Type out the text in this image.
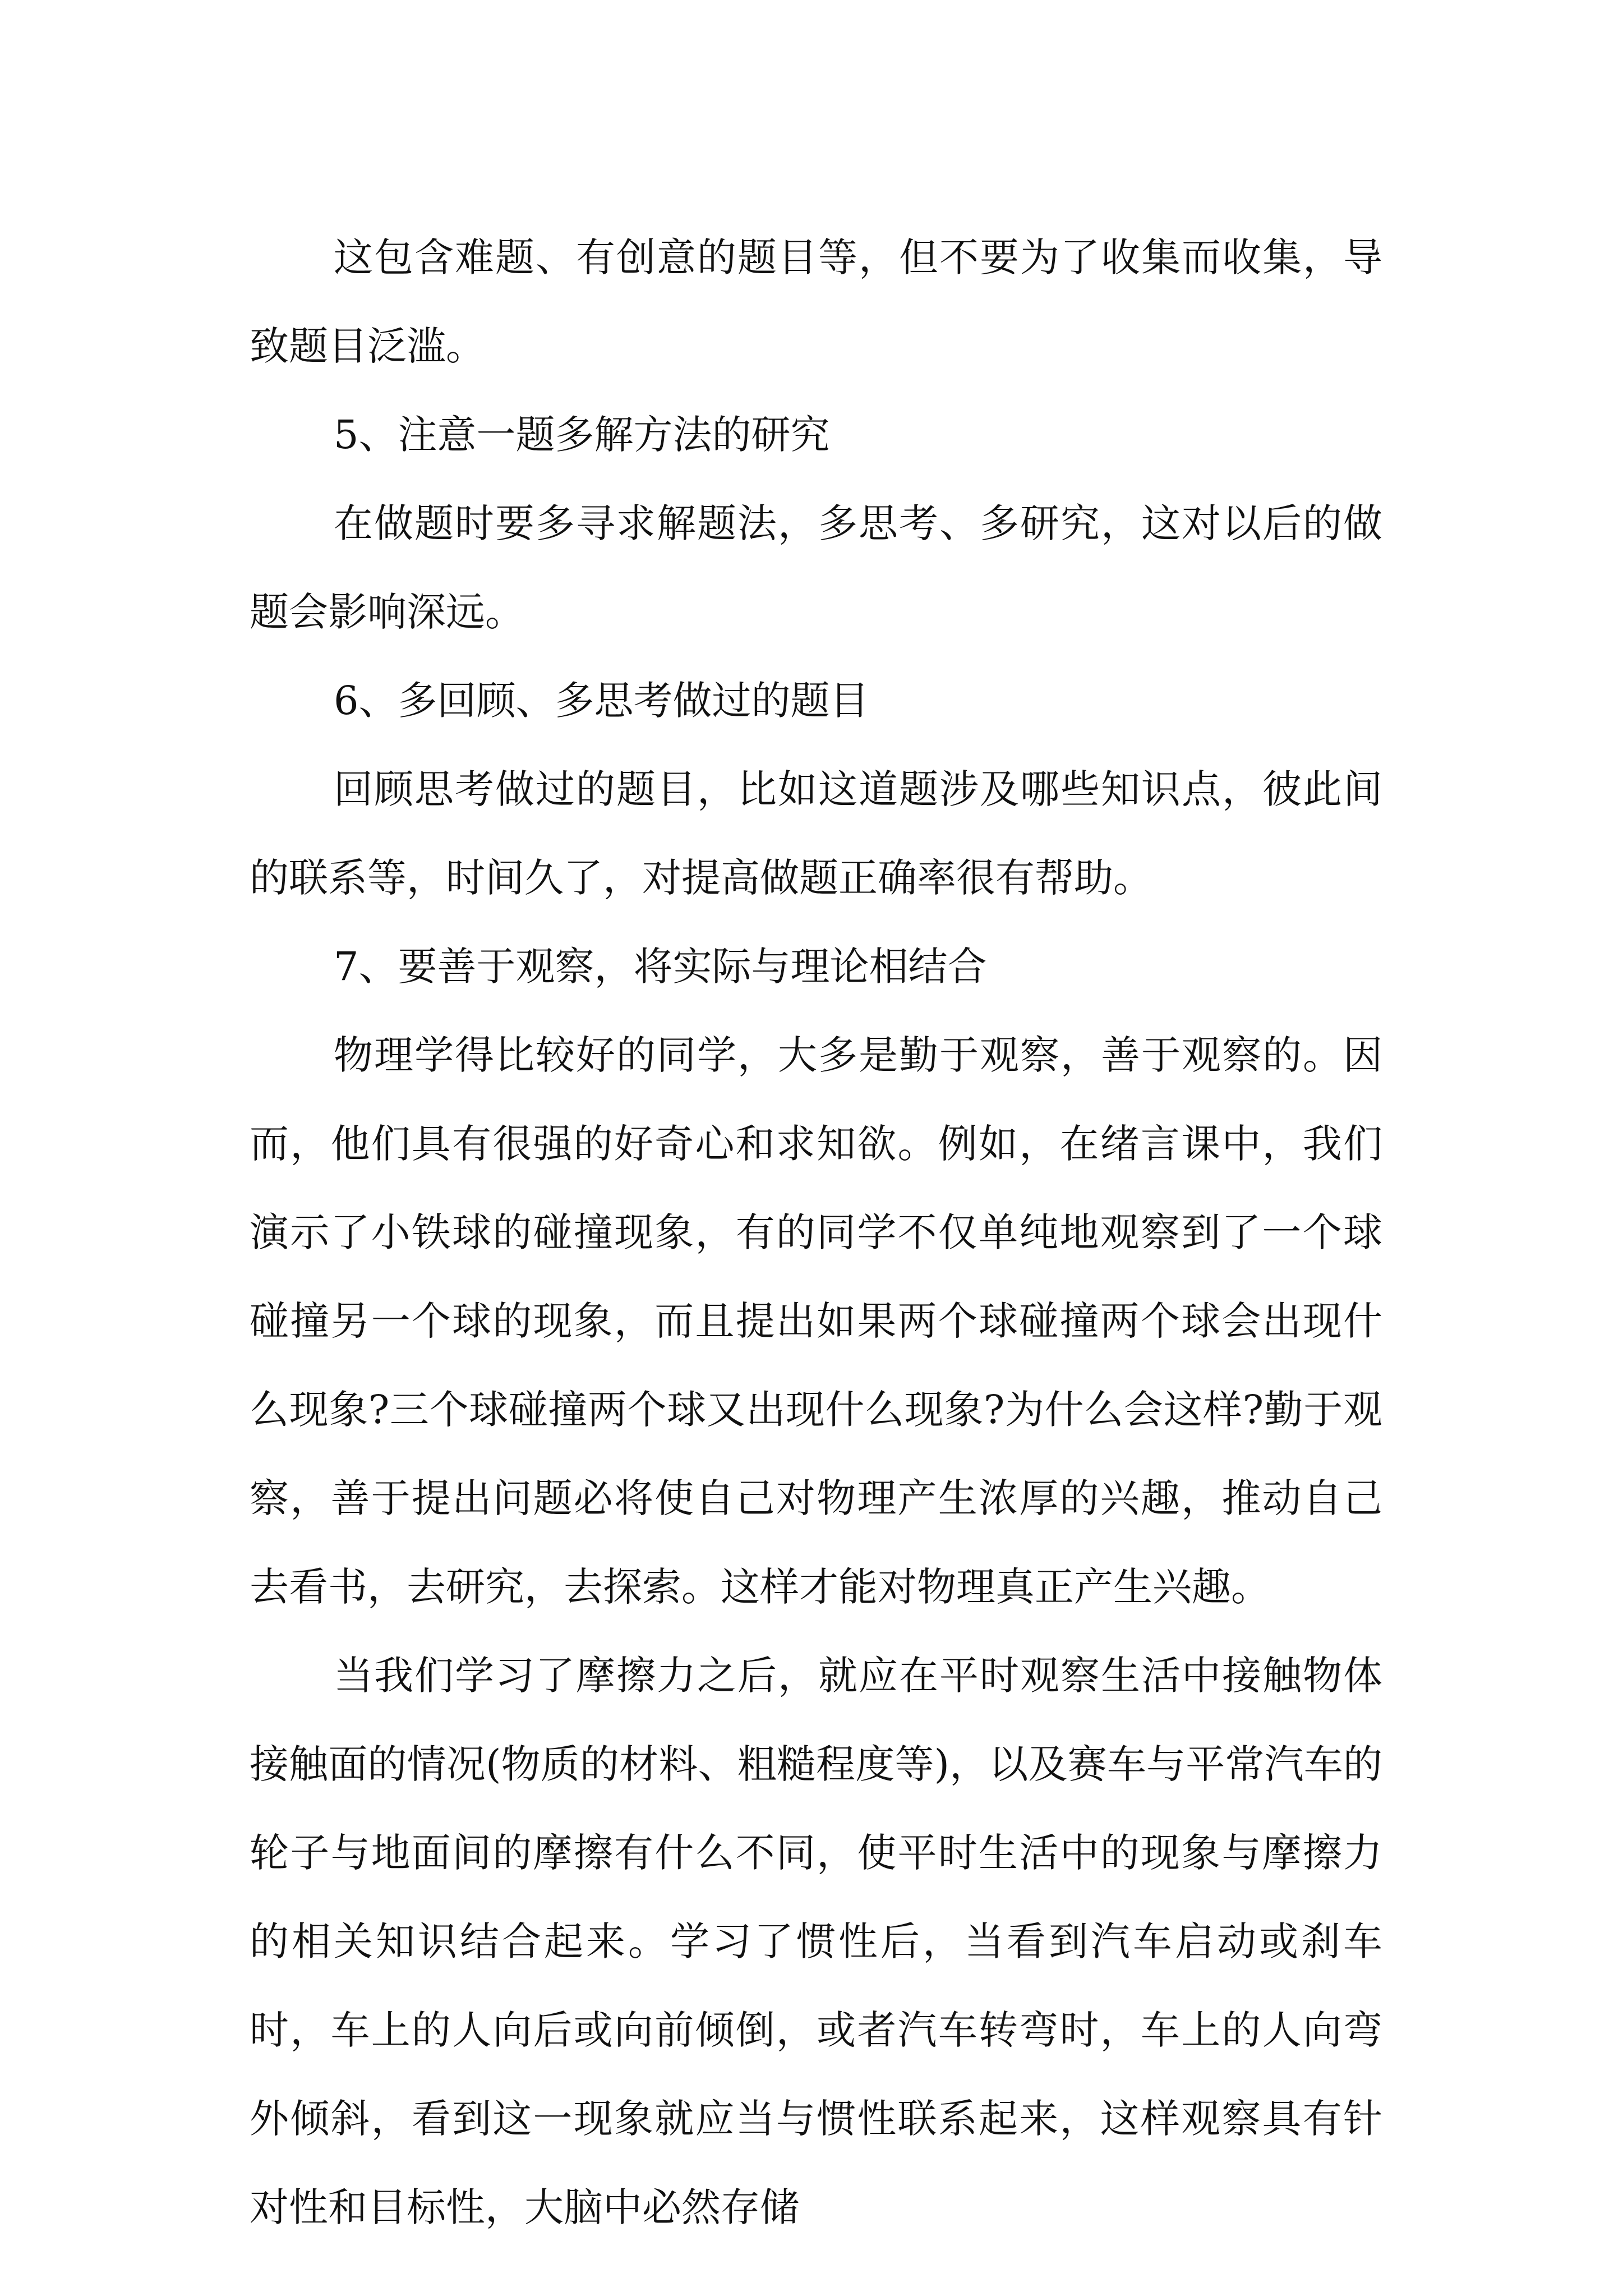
这包含难题、有创意的题目等，但不要为了收集而收集，导致题目泛滥。

5、注意一题多解方法的研究

在做题时要多寻求解题法，多思考、多研究，这对以后的做题会影响深远。

6、多回顾、多思考做过的题目

回顾思考做过的题目，比如这道题涉及哪些知识点，彼此间的联系等，时间久了，对提高做题正确率很有帮助。

7、要善于观察，将实际与理论相结合

物理学得比较好的同学，大多是勤于观察，善于观察的。因而，他们具有很强的好奇心和求知欲。例如，在绪言课中，我们演示了小铁球的碰撞现象，有的同学不仅单纯地观察到了一个球碰撞另一个球的现象，而且提出如果两个球碰撞两个球会出现什么现象?三个球碰撞两个球又出现什么现象?为什么会这样?勤于观察，善于提出问题必将使自己对物理产生浓厚的兴趣，推动自己去看书，去研究，去探索。这样才能对物理真正产生兴趣。

当我们学习了摩擦力之后，就应在平时观察生活中接触物体接触面的情况(物质的材料、粗糙程度等)，以及赛车与平常汽车的轮子与地面间的摩擦有什么不同，使平时生活中的现象与摩擦力的相关知识结合起来。学习了惯性后，当看到汽车启动或刹车时，车上的人向后或向前倾倒，或者汽车转弯时，车上的人向弯外倾斜，看到这一现象就应当与惯性联系起来，这样观察具有针对性和目标性，大脑中必然存储
